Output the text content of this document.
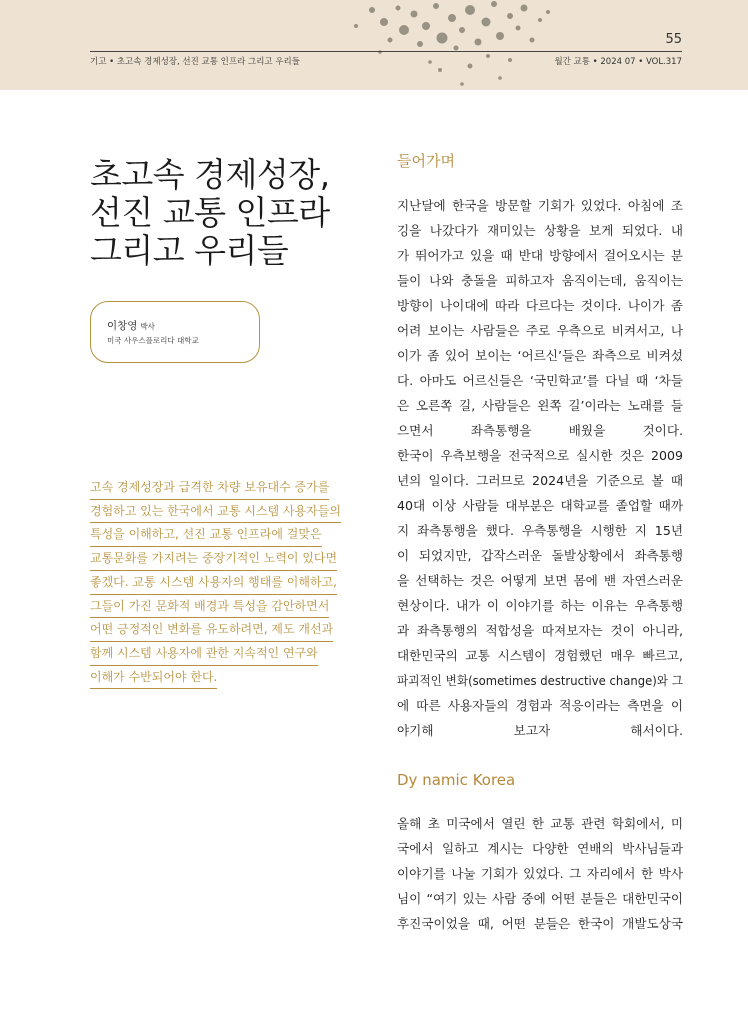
55
기고 • 초고속 경제성장, 선진 교통 인프라 그리고 우리들	월간 교통 • 2024 07 • VOL.317
초고속 경제성장,
선진 교통 인프라
그리고 우리들
이창영 박사
미국 사우스플로리다 대학교
고속 경제성장과 급격한 차량 보유대수 증가를
경험하고 있는 한국에서 교통 시스템 사용자들의
특성을 이해하고, 선진 교통 인프라에 걸맞은
교통문화를 가지려는 중장기적인 노력이 있다면
좋겠다. 교통 시스템 사용자의 행태를 이해하고,
그들이 가진 문화적 배경과 특성을 감안하면서
어떤 긍정적인 변화를 유도하려면, 제도 개선과
함께 시스템 사용자에 관한 지속적인 연구와
이해가 수반되어야 한다.
들어가며

지난달에 한국을 방문할 기회가 있었다. 아침에 조
깅을 나갔다가 재미있는 상황을 보게 되었다. 내
가 뛰어가고 있을 때 반대 방향에서 걸어오시는 분
들이 나와 충돌을 피하고자 움직이는데, 움직이는
방향이 나이대에 따라 다르다는 것이다. 나이가 좀
어려 보이는 사람들은 주로 우측으로 비켜서고, 나
이가 좀 있어 보이는 ‘어르신’들은 좌측으로 비켜섰
다. 아마도 어르신들은 ‘국민학교’를 다닐 때 ‘차들
은 오른쪽 길, 사람들은 왼쪽 길’이라는 노래를 들
으면서 좌측통행을 배웠을 것이다.

한국이 우측보행을 전국적으로 실시한 것은 2009
년의 일이다. 그러므로 2024년을 기준으로 볼 때
40대 이상 사람들 대부분은 대학교를 졸업할 때까
지 좌측통행을 했다. 우측통행을 시행한 지 15년
이 되었지만, 갑작스러운 돌발상황에서 좌측통행
을 선택하는 것은 어떻게 보면 몸에 밴 자연스러운
현상이다. 내가 이 이야기를 하는 이유는 우측통행
과 좌측통행의 적합성을 따져보자는 것이 아니라,
대한민국의 교통 시스템이 경험했던 매우 빠르고,
파괴적인 변화(sometimes destructive change)와 그
에 따른 사용자들의 경험과 적응이라는 측면을 이
야기해 보고자 해서이다.

Dy namic Korea

올해 초 미국에서 열린 한 교통 관련 학회에서, 미
국에서 일하고 계시는 다양한 연배의 박사님들과
이야기를 나눌 기회가 있었다. 그 자리에서 한 박사
님이 “여기 있는 사람 중에 어떤 분들은 대한민국이
후진국이었을 때, 어떤 분들은 한국이 개발도상국
